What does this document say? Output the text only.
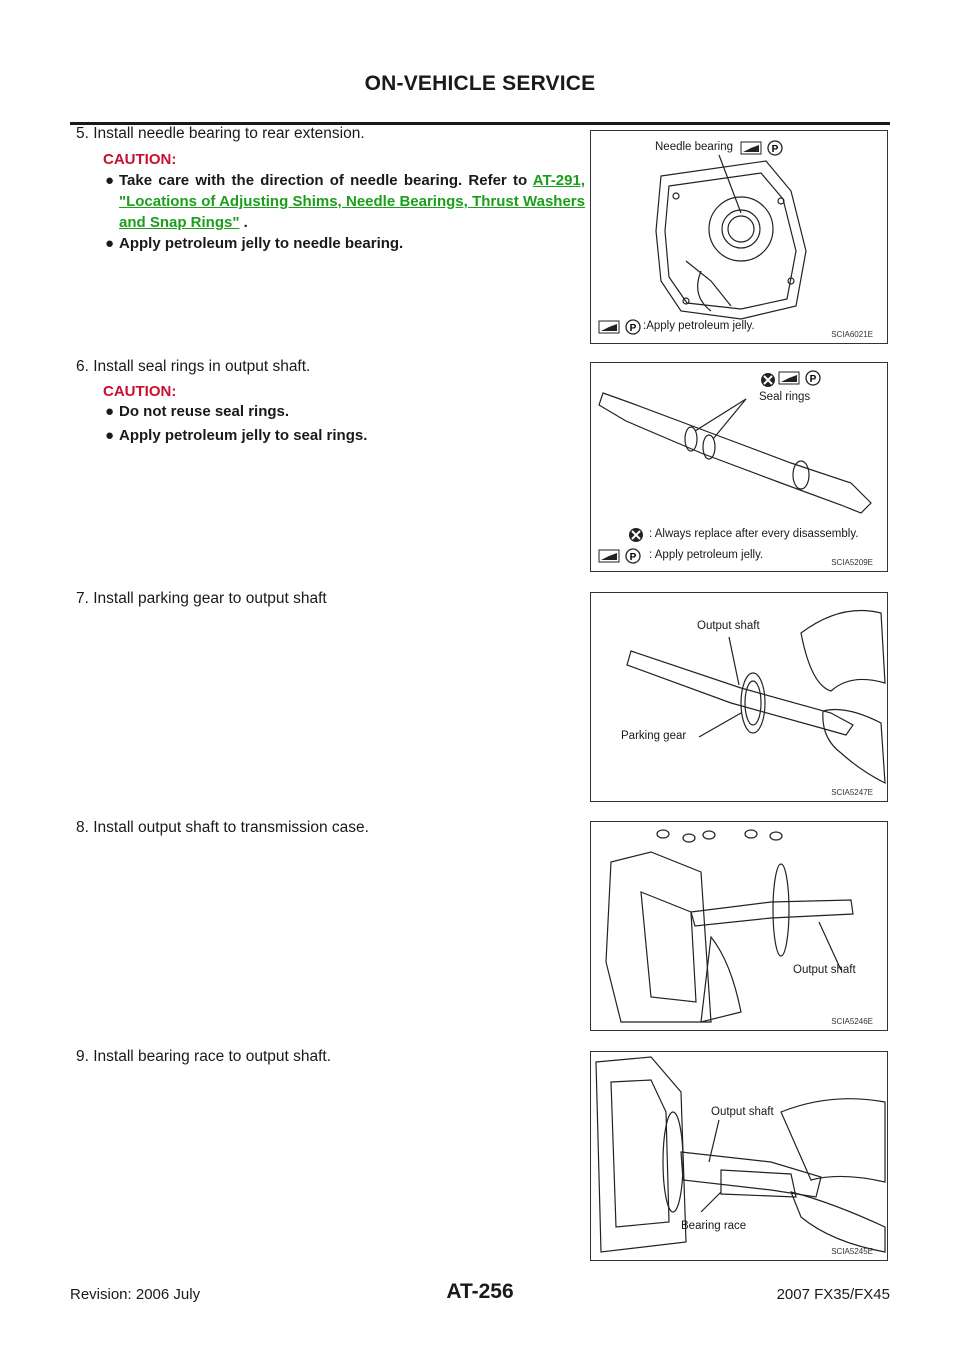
ON-VEHICLE SERVICE
5. Install needle bearing to rear extension.
CAUTION:
● Take care with the direction of needle bearing. Refer to AT-291, "Locations of Adjusting Shims, Needle Bearings, Thrust Washers and Snap Rings" .
● Apply petroleum jelly to needle bearing.
P
P
Needle bearing
:Apply petroleum jelly.
SCIA6021E
6. Install seal rings in output shaft.
CAUTION:
● Do not reuse seal rings.
● Apply petroleum jelly to seal rings.
P
P
Seal rings
: Always replace after every disassembly.
: Apply petroleum jelly.
SCIA5209E
7. Install parking gear to output shaft
Output shaft
Parking gear
SCIA5247E
8. Install output shaft to transmission case.
Output shaft
SCIA5246E
9. Install bearing race to output shaft.
Output shaft
Bearing race
SCIA5245E
Revision: 2006 July	AT-256	2007 FX35/FX45
